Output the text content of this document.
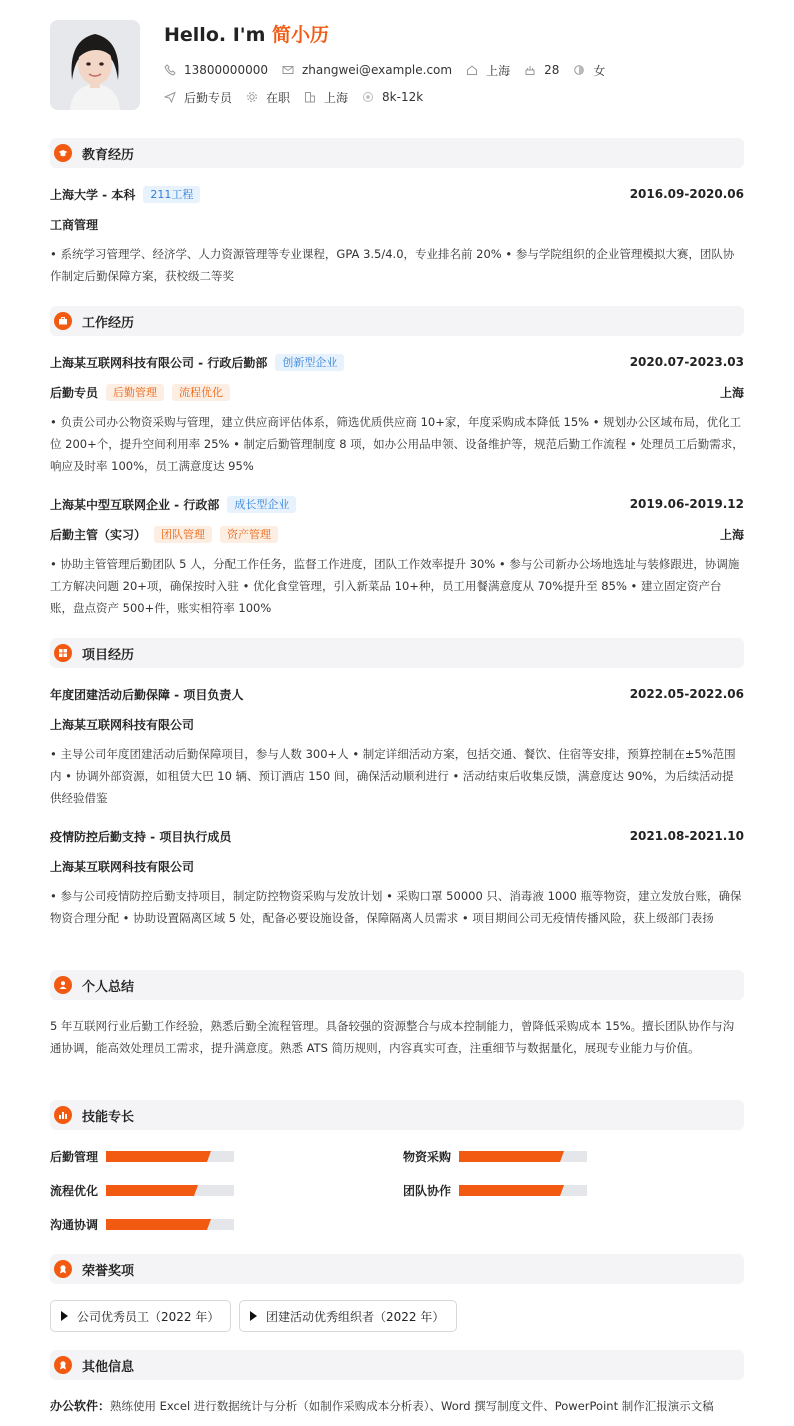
Hello. I'm 简小历
13800000000	zhangwei@example.com	上海	28	女
后勤专员	在职	上海	8k-12k
教育经历
上海大学 - 本科	211工程	2016.09-2020.06
工商管理
• 系统学习管理学、经济学、人力资源管理等专业课程，GPA 3.5/4.0，专业排名前 20% • 参与学院组织的企业管理模拟大赛，团队协作制定后勤保障方案，获校级二等奖
工作经历
上海某互联网科技有限公司 - 行政后勤部	创新型企业	2020.07-2023.03
后勤专员	后勤管理	流程优化	上海
• 负责公司办公物资采购与管理，建立供应商评估体系，筛选优质供应商 10+家，年度采购成本降低 15% • 规划办公区域布局，优化工位 200+个，提升空间利用率 25% • 制定后勤管理制度 8 项，如办公用品申领、设备维护等，规范后勤工作流程 • 处理员工后勤需求，响应及时率 100%，员工满意度达 95%
上海某中型互联网企业 - 行政部	成长型企业	2019.06-2019.12
后勤主管（实习）	团队管理	资产管理	上海
• 协助主管管理后勤团队 5 人，分配工作任务，监督工作进度，团队工作效率提升 30% • 参与公司新办公场地选址与装修跟进，协调施工方解决问题 20+项，确保按时入驻 • 优化食堂管理，引入新菜品 10+种，员工用餐满意度从 70%提升至 85% • 建立固定资产台账，盘点资产 500+件，账实相符率 100%
项目经历
年度团建活动后勤保障 - 项目负责人	2022.05-2022.06
上海某互联网科技有限公司
• 主导公司年度团建活动后勤保障项目，参与人数 300+人 • 制定详细活动方案，包括交通、餐饮、住宿等安排，预算控制在±5%范围内 • 协调外部资源，如租赁大巴 10 辆、预订酒店 150 间，确保活动顺利进行 • 活动结束后收集反馈，满意度达 90%，为后续活动提供经验借鉴
疫情防控后勤支持 - 项目执行成员	2021.08-2021.10
上海某互联网科技有限公司
• 参与公司疫情防控后勤支持项目，制定防控物资采购与发放计划 • 采购口罩 50000 只、消毒液 1000 瓶等物资，建立发放台账，确保物资合理分配 • 协助设置隔离区域 5 处，配备必要设施设备，保障隔离人员需求 • 项目期间公司无疫情传播风险，获上级部门表扬
个人总结
5 年互联网行业后勤工作经验，熟悉后勤全流程管理。具备较强的资源整合与成本控制能力，曾降低采购成本 15%。擅长团队协作与沟通协调，能高效处理员工需求，提升满意度。熟悉 ATS 简历规则，内容真实可查，注重细节与数据量化，展现专业能力与价值。
技能专长
后勤管理	物资采购
流程优化	团队协作
沟通协调
荣誉奖项
公司优秀员工（2022 年）	团建活动优秀组织者（2022 年）
其他信息
办公软件：熟练使用 Excel 进行数据统计与分析（如制作采购成本分析表）、Word 撰写制度文件、PowerPoint 制作汇报演示文稿
